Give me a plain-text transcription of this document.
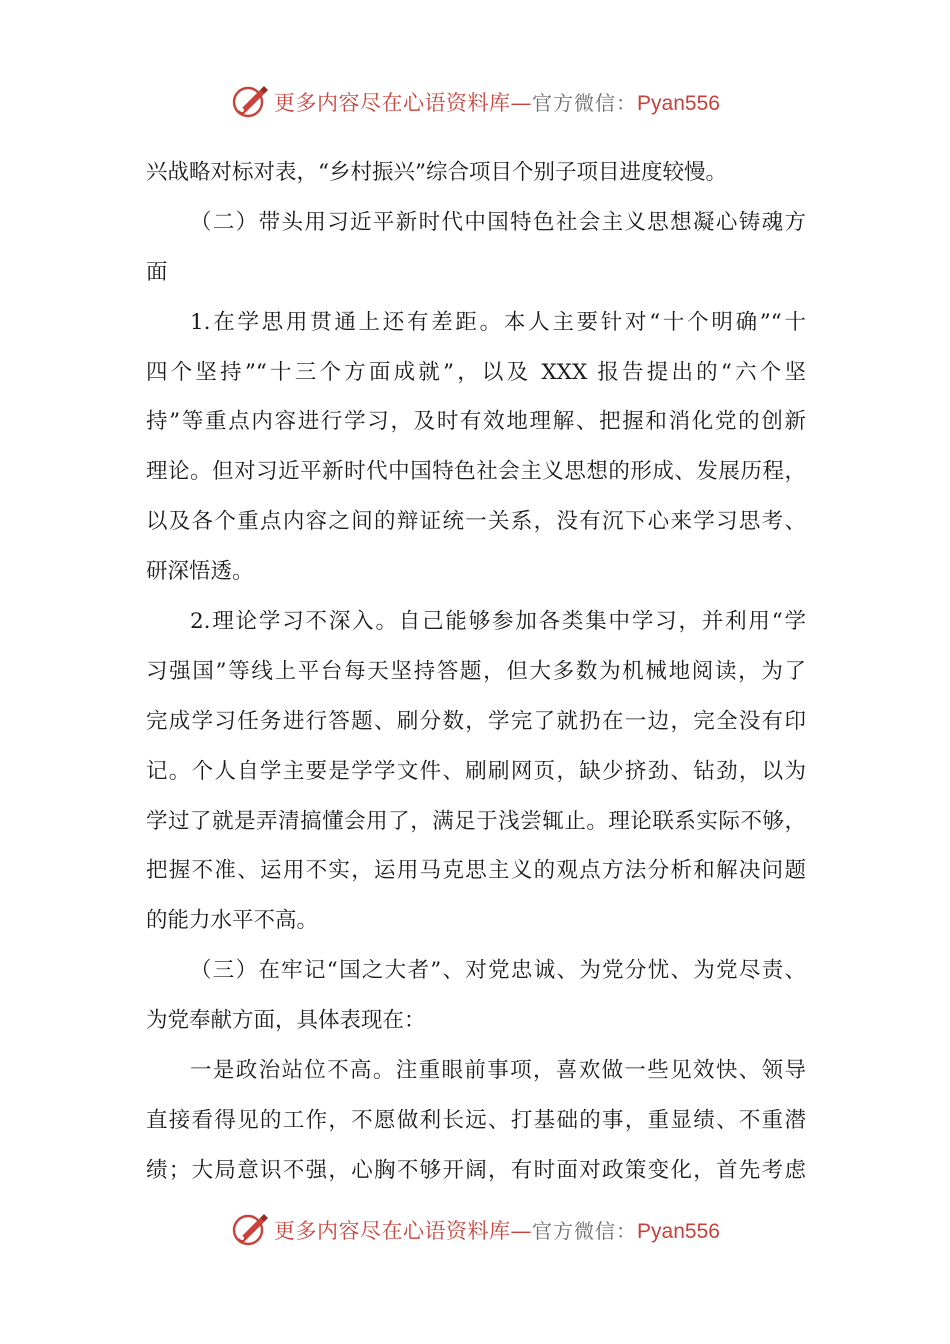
更多内容尽在心语资料库—官方微信：Pyan556
兴战略对标对表，“乡村振兴”综合项目个别子项目进度较慢。
（二）带头用习近平新时代中国特色社会主义思想凝心铸魂方
面
1.在学思用贯通上还有差距。本人主要针对“十个明确”“十
四个坚持”“十三个方面成就”，以及 XXX 报告提出的“六个坚
持”等重点内容进行学习，及时有效地理解、把握和消化党的创新
理论。但对习近平新时代中国特色社会主义思想的形成、发展历程，
以及各个重点内容之间的辩证统一关系，没有沉下心来学习思考、
研深悟透。
2.理论学习不深入。自己能够参加各类集中学习，并利用“学
习强国”等线上平台每天坚持答题，但大多数为机械地阅读，为了
完成学习任务进行答题、刷分数，学完了就扔在一边，完全没有印
记。个人自学主要是学学文件、刷刷网页，缺少挤劲、钻劲，以为
学过了就是弄清搞懂会用了，满足于浅尝辄止。理论联系实际不够，
把握不准、运用不实，运用马克思主义的观点方法分析和解决问题
的能力水平不高。
（三）在牢记“国之大者”、对党忠诚、为党分忧、为党尽责、
为党奉献方面，具体表现在：
一是政治站位不高。注重眼前事项，喜欢做一些见效快、领导
直接看得见的工作，不愿做利长远、打基础的事，重显绩、不重潜
绩；大局意识不强，心胸不够开阔，有时面对政策变化，首先考虑
更多内容尽在心语资料库—官方微信：Pyan556
